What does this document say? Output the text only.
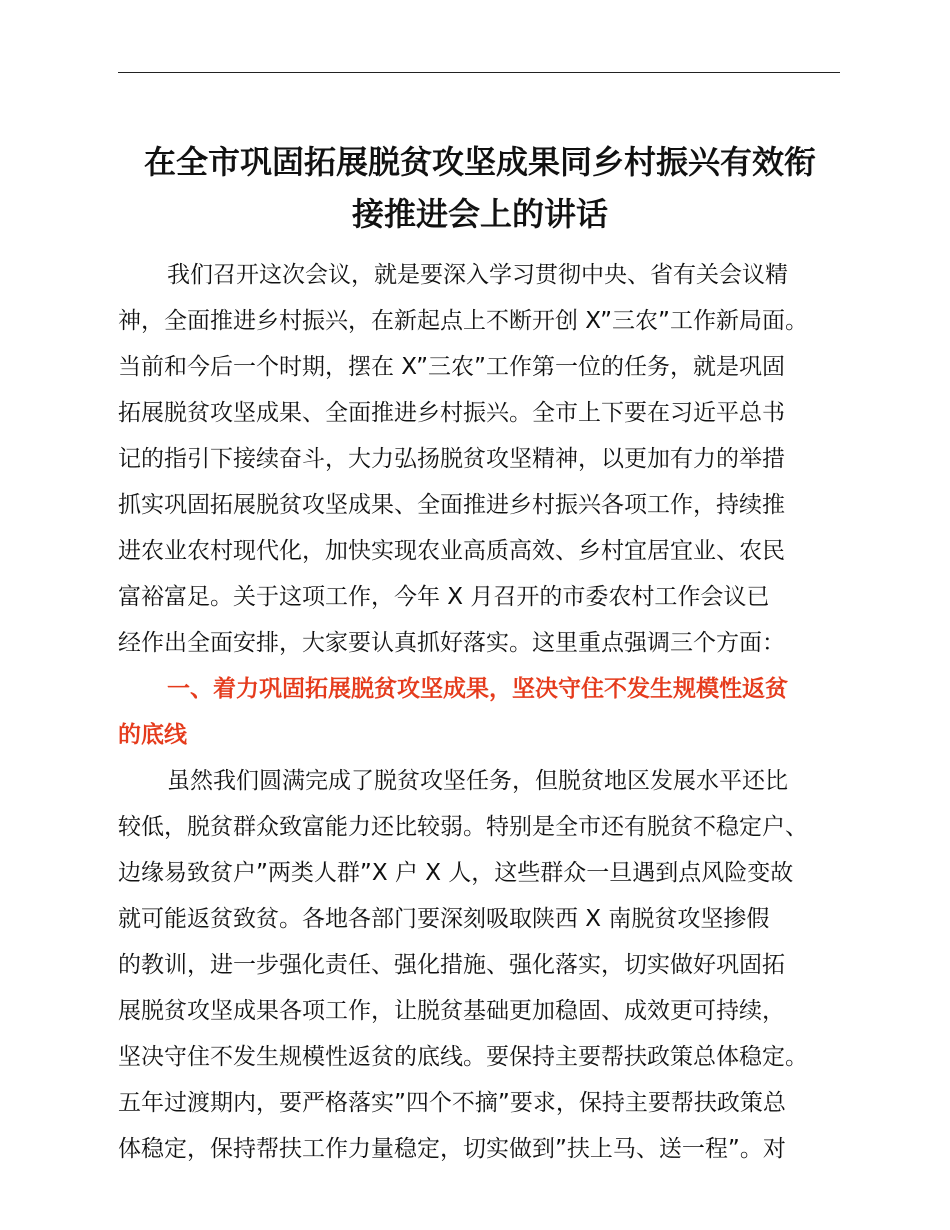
在全市巩固拓展脱贫攻坚成果同乡村振兴有效衔
接推进会上的讲话
我们召开这次会议，就是要深入学习贯彻中央、省有关会议精
神，全面推进乡村振兴，在新起点上不断开创 X”三农”工作新局面。
当前和今后一个时期，摆在 X”三农”工作第一位的任务，就是巩固
拓展脱贫攻坚成果、全面推进乡村振兴。全市上下要在习近平总书
记的指引下接续奋斗，大力弘扬脱贫攻坚精神，以更加有力的举措
抓实巩固拓展脱贫攻坚成果、全面推进乡村振兴各项工作，持续推
进农业农村现代化，加快实现农业高质高效、乡村宜居宜业、农民
富裕富足。关于这项工作，今年 X 月召开的市委农村工作会议已
经作出全面安排，大家要认真抓好落实。这里重点强调三个方面：
一、着力巩固拓展脱贫攻坚成果，坚决守住不发生规模性返贫
的底线
虽然我们圆满完成了脱贫攻坚任务，但脱贫地区发展水平还比
较低，脱贫群众致富能力还比较弱。特别是全市还有脱贫不稳定户、
边缘易致贫户”两类人群”X 户 X 人，这些群众一旦遇到点风险变故
就可能返贫致贫。各地各部门要深刻吸取陕西 X 南脱贫攻坚掺假
的教训，进一步强化责任、强化措施、强化落实，切实做好巩固拓
展脱贫攻坚成果各项工作，让脱贫基础更加稳固、成效更可持续，
坚决守住不发生规模性返贫的底线。要保持主要帮扶政策总体稳定。
五年过渡期内，要严格落实”四个不摘”要求，保持主要帮扶政策总
体稳定，保持帮扶工作力量稳定，切实做到”扶上马、送一程”。对
